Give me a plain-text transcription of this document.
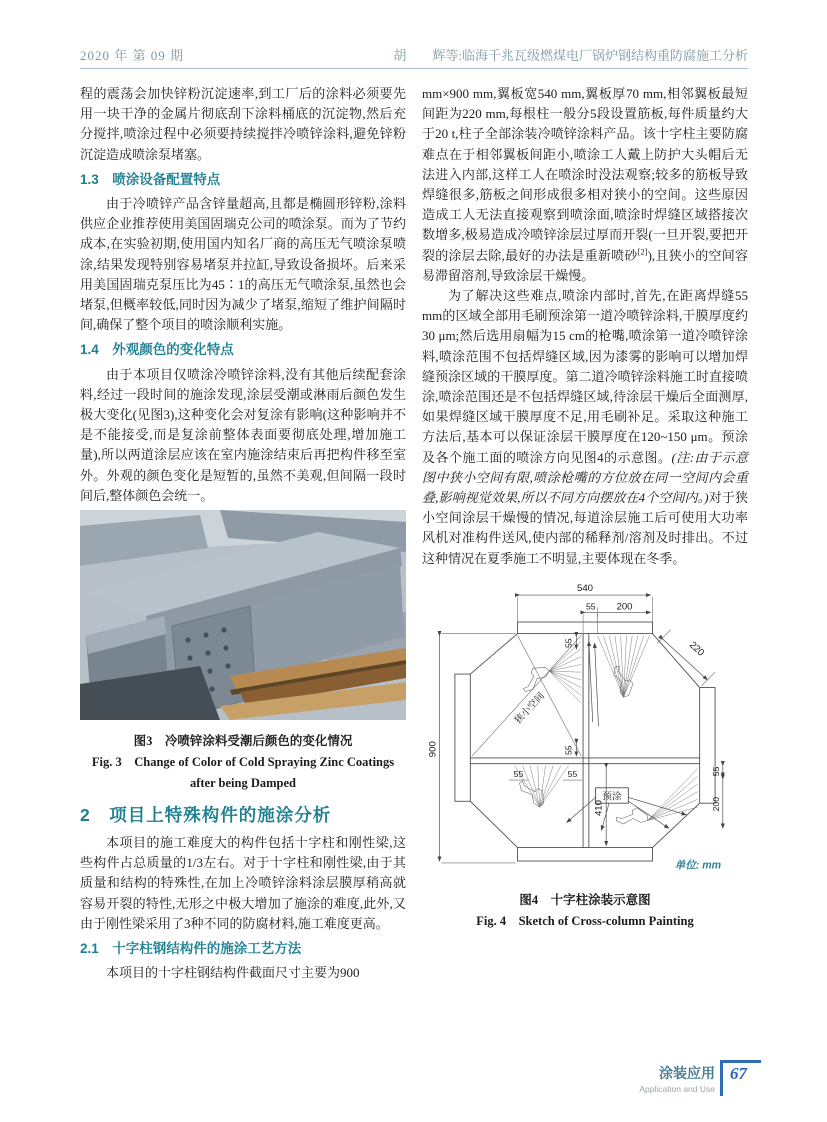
2020 年 第 09 期	胡　　辉等:临海千兆瓦级燃煤电厂锅炉钢结构重防腐施工分析

程的震荡会加快锌粉沉淀速率,到工厂后的涂料必须要先用一块干净的金属片彻底刮下涂料桶底的沉淀物,然后充分搅拌,喷涂过程中必须要持续搅拌冷喷锌涂料,避免锌粉沉淀造成喷涂泵堵塞。

1.3　喷涂设备配置特点

由于冷喷锌产品含锌量超高,且都是椭圆形锌粉,涂料供应企业推荐使用美国固瑞克公司的喷涂泵。而为了节约成本,在实验初期,使用国内知名厂商的高压无气喷涂泵喷涂,结果发现特别容易堵泵并拉缸,导致设备损坏。后来采用美国固瑞克泵压比为45∶1的高压无气喷涂泵,虽然也会堵泵,但概率较低,同时因为减少了堵泵,缩短了维护间隔时间,确保了整个项目的喷涂顺利实施。

1.4　外观颜色的变化特点

由于本项目仅喷涂冷喷锌涂料,没有其他后续配套涂料,经过一段时间的施涂发现,涂层受潮或淋雨后颜色发生极大变化(见图3),这种变化会对复涂有影响(这种影响并不是不能接受,而是复涂前整体表面要彻底处理,增加施工量),所以两道涂层应该在室内施涂结束后再把构件移至室外。外观的颜色变化是短暂的,虽然不美观,但间隔一段时间后,整体颜色会统一。

图3　冷喷锌涂料受潮后颜色的变化情况
Fig. 3　Change of Color of Cold Spraying Zinc Coatings after being Damped
2　项目上特殊构件的施涂分析

本项目的施工难度大的构件包括十字柱和刚性梁,这些构件占总质量的1/3左右。对于十字柱和刚性梁,由于其质量和结构的特殊性,在加上冷喷锌涂料涂层膜厚稍高就容易开裂的特性,无形之中极大增加了施涂的难度,此外,又由于刚性梁采用了3种不同的防腐材料,施工难度更高。

2.1　十字柱钢结构件的施涂工艺方法

本项目的十字柱钢结构件截面尺寸主要为900

mm×900 mm,翼板宽540 mm,翼板厚70 mm,相邻翼板最短间距为220 mm,每根柱一般分5段设置筋板,每件质量约大于20 t,柱子全部涂装冷喷锌涂料产品。该十字柱主要防腐难点在于相邻翼板间距小,喷涂工人戴上防护大头帽后无法进入内部,这样工人在喷涂时没法观察;较多的筋板导致焊缝很多,筋板之间形成很多相对狭小的空间。这些原因造成工人无法直接观察到喷涂面,喷涂时焊缝区域搭接次数增多,极易造成冷喷锌涂层过厚而开裂(一旦开裂,要把开裂的涂层去除,最好的办法是重新喷砂[2]),且狭小的空间容易滞留溶剂,导致涂层干燥慢。

为了解决这些难点,喷涂内部时,首先,在距离焊缝55 mm的区域全部用毛刷预涂第一道冷喷锌涂料,干膜厚度约30 μm;然后选用扇幅为15 cm的枪嘴,喷涂第一道冷喷锌涂料,喷涂范围不包括焊缝区域,因为漆雾的影响可以增加焊缝预涂区域的干膜厚度。第二道冷喷锌涂料施工时直接喷涂,喷涂范围还是不包括焊缝区域,待涂层干燥后全面测厚,如果焊缝区域干膜厚度不足,用毛刷补足。采取这种施工方法后,基本可以保证涂层干膜厚度在120~150 μm。预涂及各个施工面的喷涂方向见图4的示意图。(注:由于示意图中狭小空间有限,喷涂枪嘴的方位放在同一空间内会重叠,影响视觉效果,所以不同方向摆放在4个空间内。)对于狭小空间涂层干燥慢的情况,每道涂层施工后可使用大功率风机对准构件送风,使内部的稀释剂/溶剂及时排出。不过这种情况在夏季施工不明显,主要体现在冬季。

预涂
狭小空间
540
55 200
220
900
55
55
55	55	55
200
410
单位: mm
图4　十字柱涂装示意图
Fig. 4　Sketch of Cross-column Painting
涂装应用
Application and Use
67
